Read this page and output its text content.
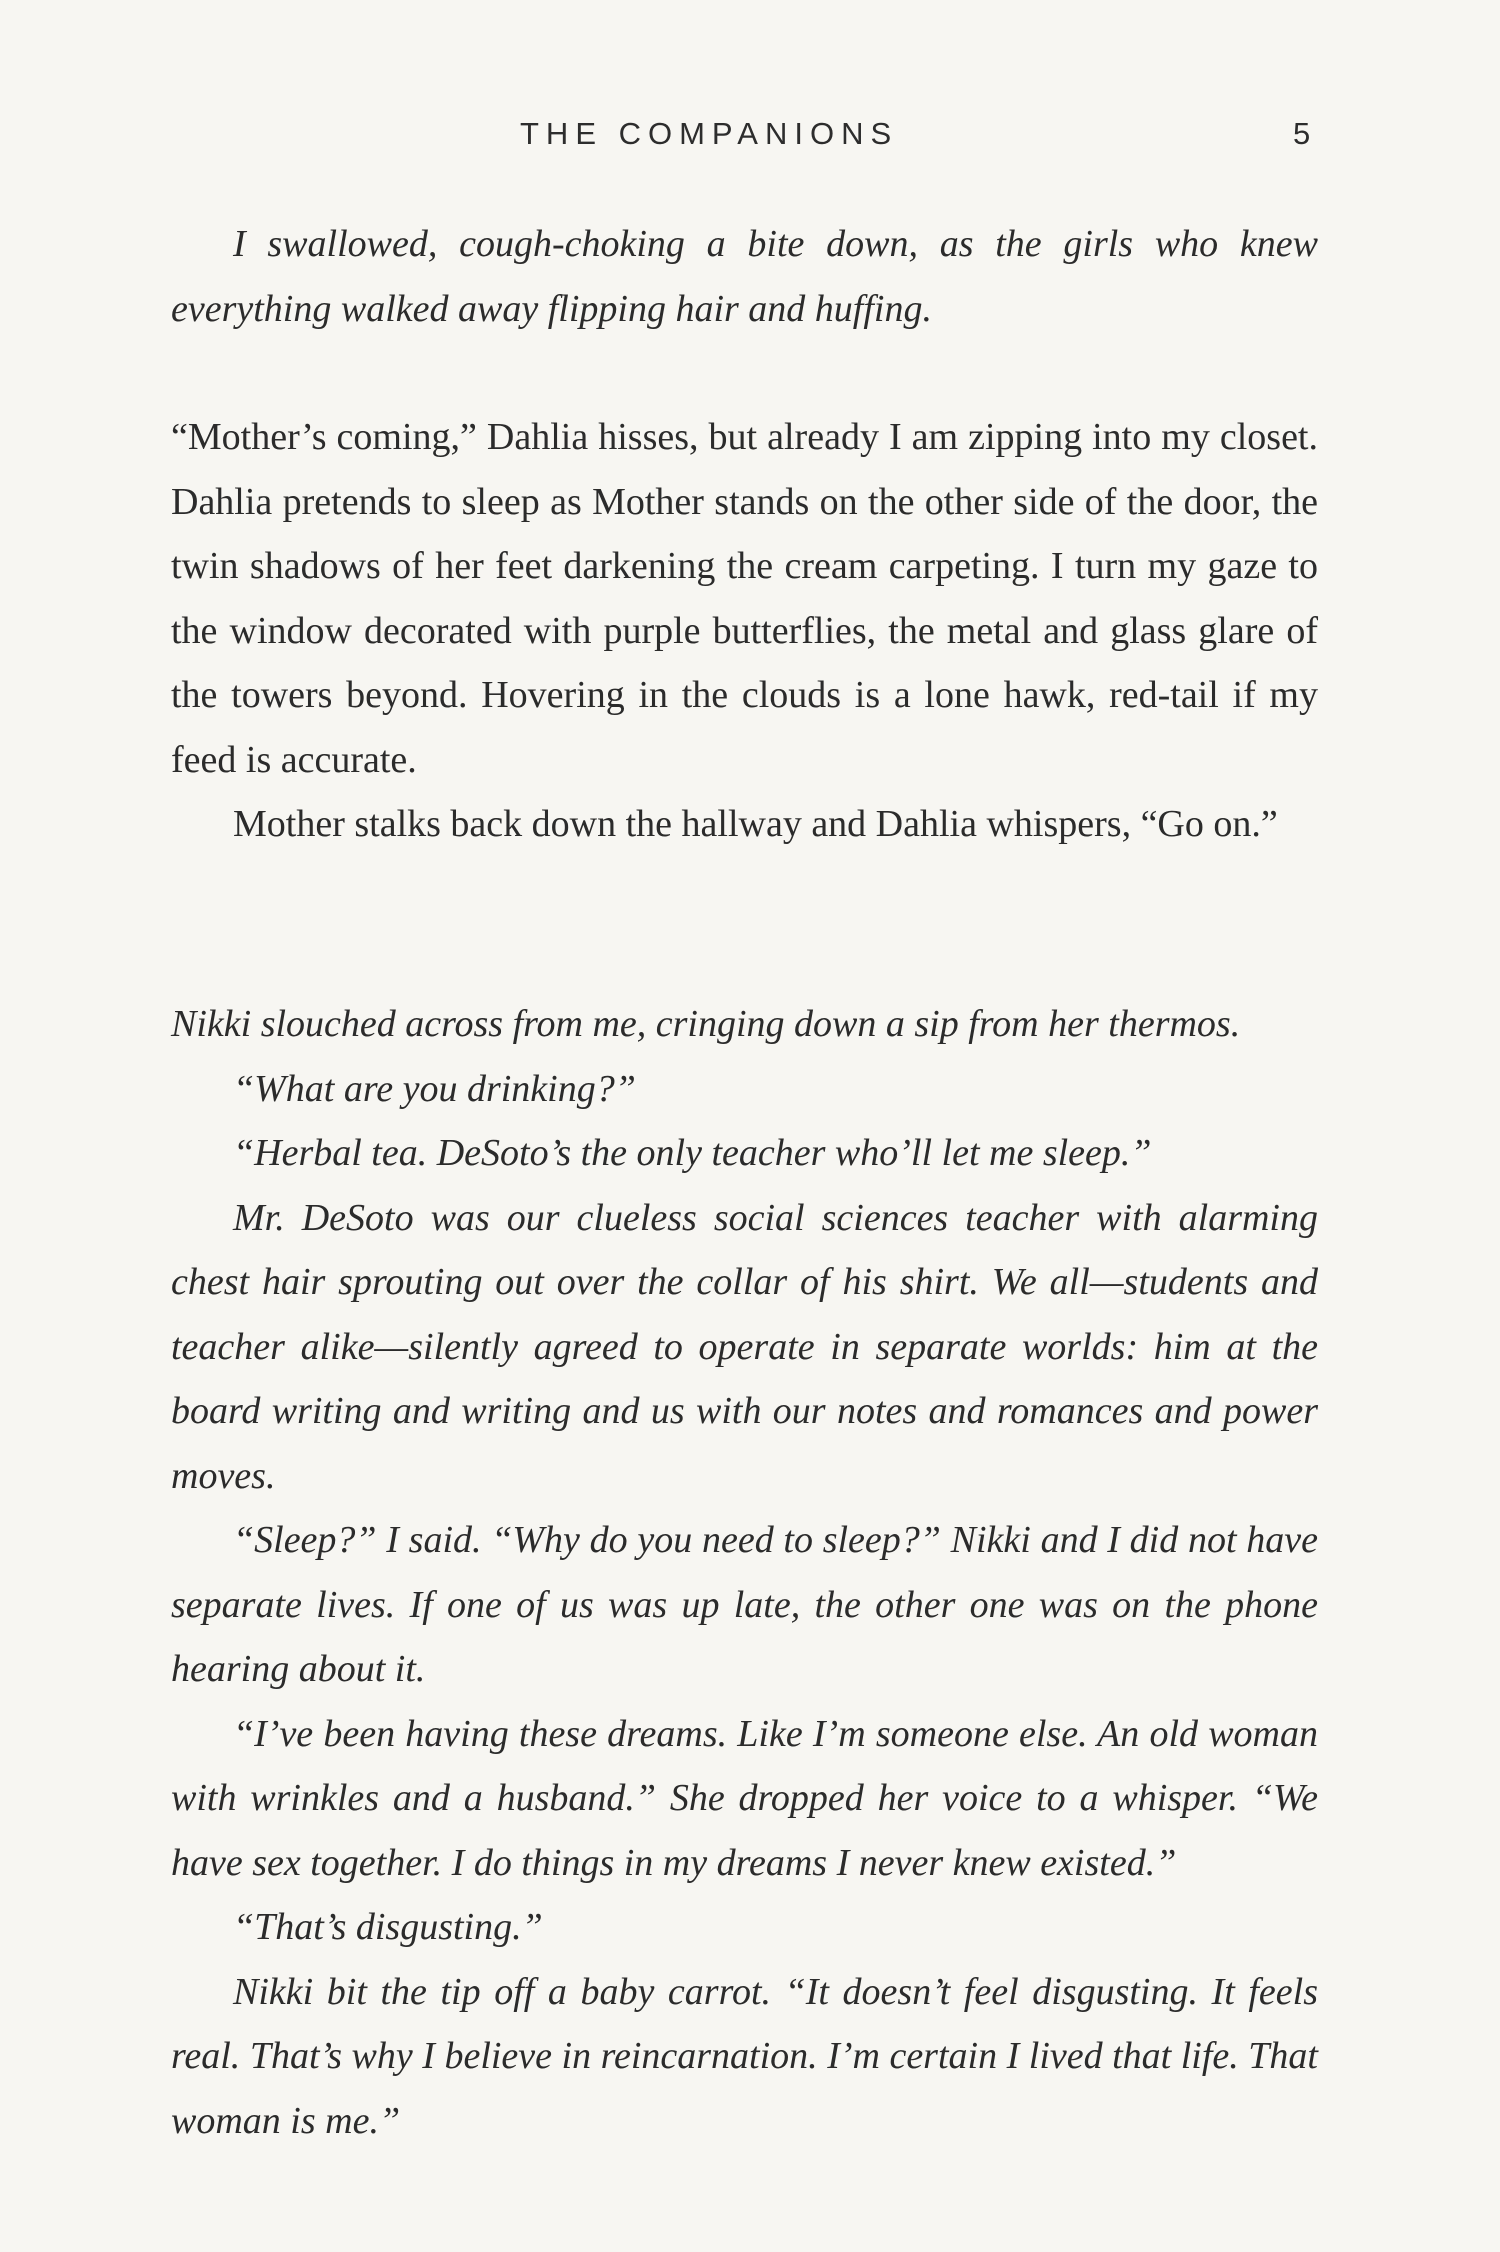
THE COMPANIONS	5

I swallowed, cough-choking a bite down, as the girls who knew everything walked away flipping hair and huffing.

“Mother’s coming,” Dahlia hisses, but already I am zipping into my closet. Dahlia pretends to sleep as Mother stands on the other side of the door, the twin shadows of her feet darkening the cream carpeting. I turn my gaze to the window decorated with purple butterflies, the metal and glass glare of the towers beyond. Hovering in the clouds is a lone hawk, red-tail if my feed is accurate.

Mother stalks back down the hallway and Dahlia whispers, “Go on.”

Nikki slouched across from me, cringing down a sip from her thermos.

“What are you drinking?”

“Herbal tea. DeSoto’s the only teacher who’ll let me sleep.”

Mr. DeSoto was our clueless social sciences teacher with alarming chest hair sprouting out over the collar of his shirt. We all—students and teacher alike—silently agreed to operate in separate worlds: him at the board writing and writing and us with our notes and romances and power moves.

“Sleep?” I said. “Why do you need to sleep?” Nikki and I did not have separate lives. If one of us was up late, the other one was on the phone hearing about it.

“I’ve been having these dreams. Like I’m someone else. An old woman with wrinkles and a husband.” She dropped her voice to a whisper. “We have sex together. I do things in my dreams I never knew existed.”

“That’s disgusting.”

Nikki bit the tip off a baby carrot. “It doesn’t feel disgusting. It feels real. That’s why I believe in reincarnation. I’m certain I lived that life. That woman is me.”
